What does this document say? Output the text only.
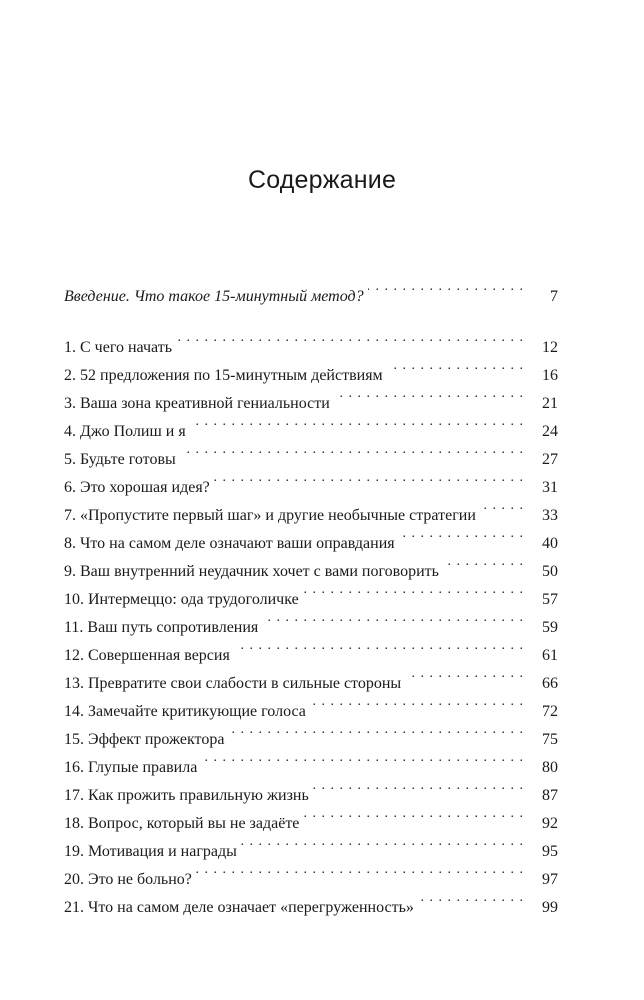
Содержание
Введение. Что такое 15-минутный метод? . . .	7
1. С чего начать . . .	12
2. 52 предложения по 15-минутным действиям . . .	16
3. Ваша зона креативной гениальности . . .	21
4. Джо Полиш и я . . .	24
5. Будьте готовы . . .	27
6. Это хорошая идея? . . .	31
7. «Пропустите первый шаг» и другие необычные стратегии . . .	33
8. Что на самом деле означают ваши оправдания . . .	40
9. Ваш внутренний неудачник хочет с вами поговорить . . .	50
10. Интермеццо: ода трудоголичке . . .	57
11. Ваш путь сопротивления . . .	59
12. Совершенная версия . . .	61
13. Превратите свои слабости в сильные стороны . . .	66
14. Замечайте критикующие голоса . . .	72
15. Эффект прожектора . . .	75
16. Глупые правила . . .	80
17. Как прожить правильную жизнь . . .	87
18. Вопрос, который вы не задаёте . . .	92
19. Мотивация и награды . . .	95
20. Это не больно? . . .	97
21. Что на самом деле означает «перегруженность» . . .	99
